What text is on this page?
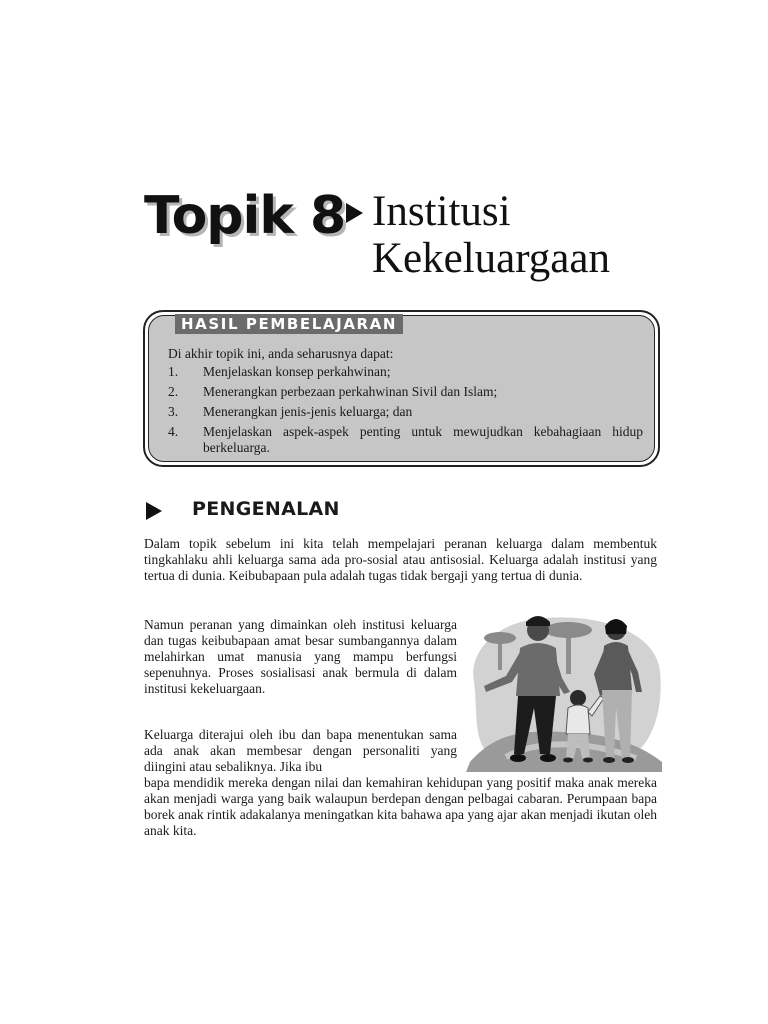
Topik 8 Institusi
Kekeluargaan
HASIL PEMBELAJARAN
Di akhir topik ini, anda seharusnya dapat:
1. Menjelaskan konsep perkahwinan;
2. Menerangkan perbezaan perkahwinan Sivil dan Islam;
3. Menerangkan jenis-jenis keluarga; dan
4. Menjelaskan aspek-aspek penting untuk mewujudkan kebahagiaan hidup berkeluarga.
PENGENALAN

Dalam topik sebelum ini kita telah mempelajari peranan keluarga dalam membentuk tingkahlaku ahli keluarga sama ada pro-sosial atau antisosial. Keluarga adalah institusi yang tertua di dunia. Keibubapaan pula adalah tugas tidak bergaji yang tertua di dunia.

Namun peranan yang dimainkan oleh institusi keluarga dan tugas keibubapaan amat besar sumbangannya dalam melahirkan umat manusia yang mampu berfungsi sepenuhnya. Proses sosialisasi anak bermula di dalam institusi kekeluargaan.

Keluarga diterajui oleh ibu dan bapa menentukan sama ada anak akan membesar dengan personaliti yang diingini atau sebaliknya. Jika ibu

bapa mendidik mereka dengan nilai dan kemahiran kehidupan yang positif maka anak mereka akan menjadi warga yang baik walaupun berdepan dengan pelbagai cabaran. Perumpaan bapa borek anak rintik adakalanya meningatkan kita bahawa apa yang ajar akan menjadi ikutan oleh anak kita.
